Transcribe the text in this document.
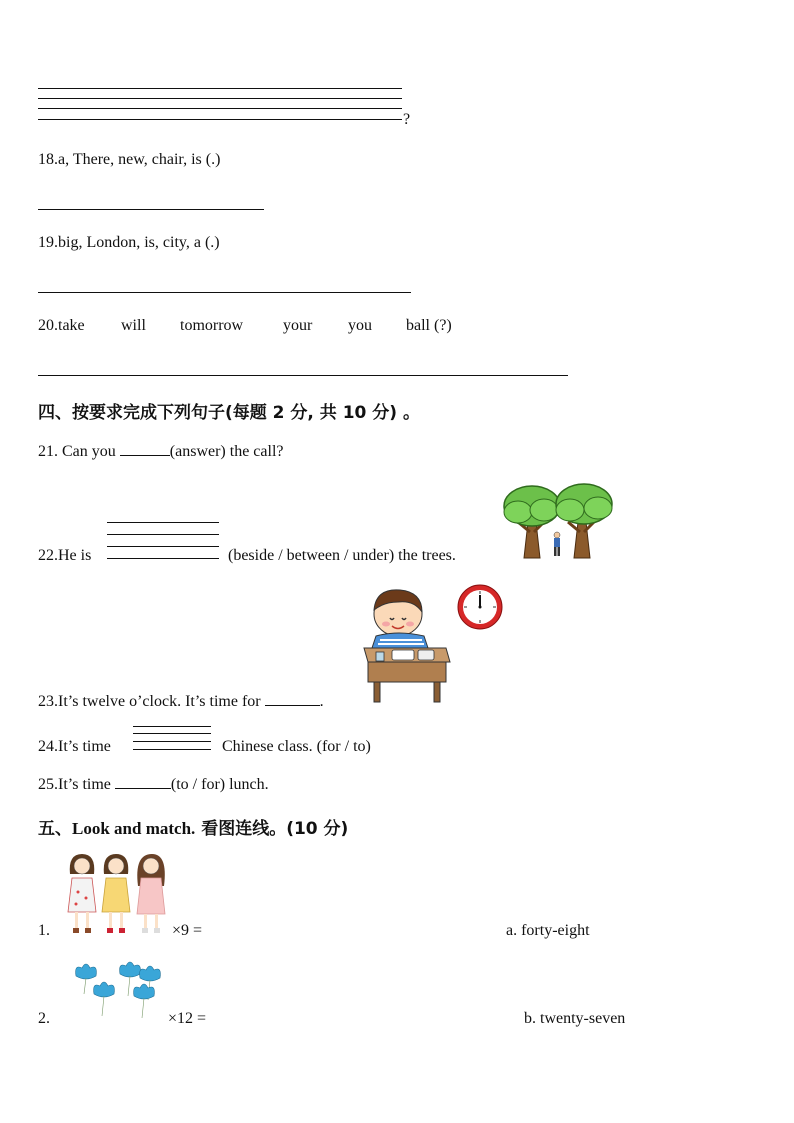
?
18.a, There, new, chair, is (.)
19.big, London, is, city, a (.)
20.take will tomorrow your you ball (?)
四、按要求完成下列句子(每题 2 分, 共 10 分) 。
21. Can you	(answer) the call?
22.He is	(beside / between / under) the trees.
23.It’s twelve o’clock. It’s time for	.
24.It’s time	Chinese class. (for / to)
25.It’s time	(to / for) lunch.
五、Look and match. 看图连线。(10 分)
1.	×9 =	a. forty-eight
2.	×12 =	b. twenty-seven
